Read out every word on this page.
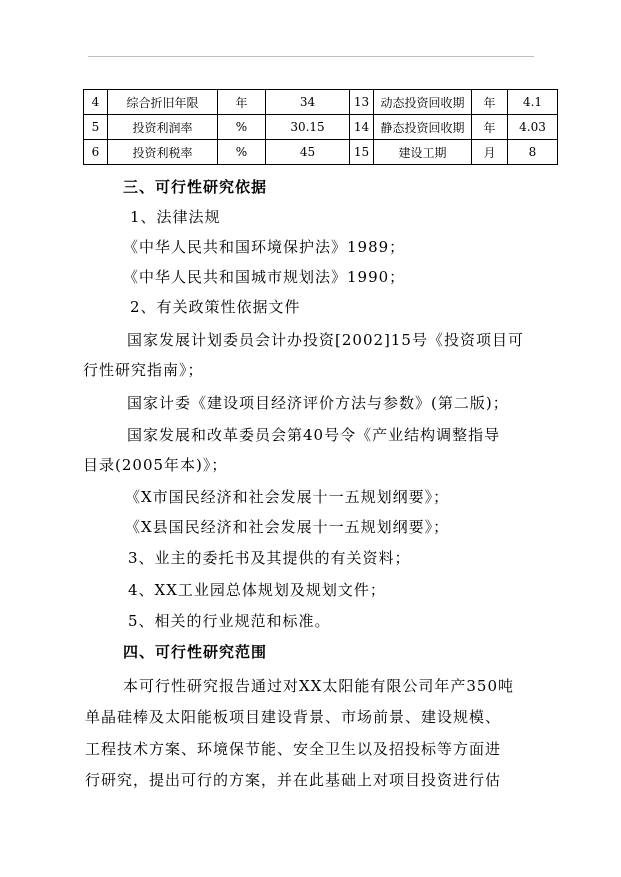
4	综合折旧年限	年	34	13	动态投资回收期	年	4.1
5	投资利润率	%	30.15	14	静态投资回收期	年	4.03
6	投资利税率	%	45	15	建设工期	月	8
三、可行性研究依据
1、法律法规
《中华人民共和国环境保护法》1989；
《中华人民共和国城市规划法》1990；
2、有关政策性依据文件
国家发展计划委员会计办投资[2002]15号《投资项目可
行性研究指南》；
国家计委《建设项目经济评价方法与参数》(第二版)；
国家发展和改革委员会第40号令《产业结构调整指导
目录(2005年本)》；
《X市国民经济和社会发展十一五规划纲要》；
《X县国民经济和社会发展十一五规划纲要》；
3、业主的委托书及其提供的有关资料；
4、XX工业园总体规划及规划文件；
5、相关的行业规范和标准。
四、可行性研究范围
本可行性研究报告通过对XX太阳能有限公司年产350吨
单晶硅棒及太阳能板项目建设背景、市场前景、建设规模、
工程技术方案、环境保节能、安全卫生以及招投标等方面进
行研究，提出可行的方案，并在此基础上对项目投资进行估
